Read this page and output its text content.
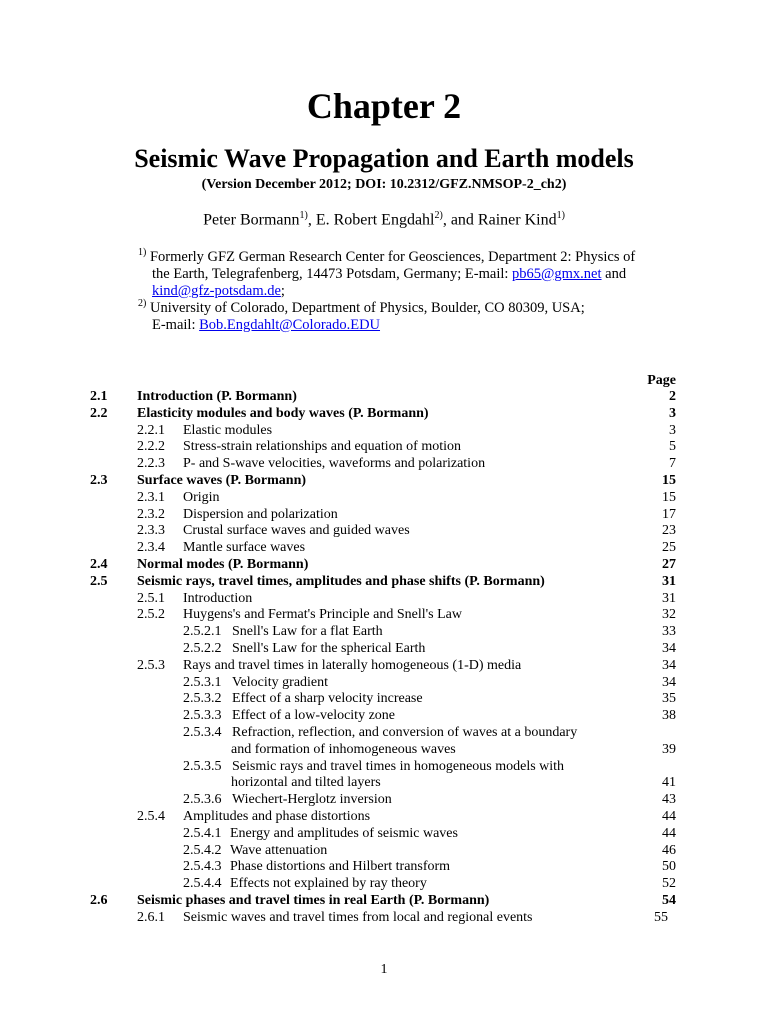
Chapter 2
Seismic Wave Propagation and Earth models
(Version December 2012; DOI: 10.2312/GFZ.NMSOP-2_ch2)
Peter Bormann$^{1)}$, E. Robert Engdahl$^{2)}$, and Rainer Kind$^{1)}$
$^{1)}$ Formerly GFZ German Research Center for Geosciences, Department 2: Physics of
the Earth, Telegrafenberg, 14473 Potsdam, Germany; E-mail: pb65@gmx.net and
kind@gfz-potsdam.de;
$^{2)}$ University of Colorado, Department of Physics, Boulder, CO 80309, USA;
E-mail: Bob.Engdahlt@Colorado.EDU
Page
2.1 Introduction (P. Bormann)	2
2.2 Elasticity modules and body waves (P. Bormann)	3
2.2.1 Elastic modules	3
2.2.2 Stress-strain relationships and equation of motion	5
2.2.3 P- and S-wave velocities, waveforms and polarization	7
2.3 Surface waves (P. Bormann)	15
2.3.1 Origin	15
2.3.2 Dispersion and polarization	17
2.3.3 Crustal surface waves and guided waves	23
2.3.4 Mantle surface waves	25
2.4 Normal modes (P. Bormann)	27
2.5 Seismic rays, travel times, amplitudes and phase shifts (P. Bormann)	31
2.5.1 Introduction	31
2.5.2 Huygens's and Fermat's Principle and Snell's Law	32
2.5.2.1 Snell's Law for a flat Earth	33
2.5.2.2 Snell's Law for the spherical Earth	34
2.5.3 Rays and travel times in laterally homogeneous (1-D) media	34
2.5.3.1 Velocity gradient	34
2.5.3.2 Effect of a sharp velocity increase	35
2.5.3.3 Effect of a low-velocity zone	38
2.5.3.4 Refraction, reflection, and conversion of waves at a boundary
and formation of inhomogeneous waves	39
2.5.3.5 Seismic rays and travel times in homogeneous models with
horizontal and tilted layers	41
2.5.3.6 Wiechert-Herglotz inversion	43
2.5.4 Amplitudes and phase distortions	44
2.5.4.1 Energy and amplitudes of seismic waves	44
2.5.4.2 Wave attenuation	46
2.5.4.3 Phase distortions and Hilbert transform	50
2.5.4.4 Effects not explained by ray theory	52
2.6 Seismic phases and travel times in real Earth (P. Bormann)	54
2.6.1 Seismic waves and travel times from local and regional events	55
1
